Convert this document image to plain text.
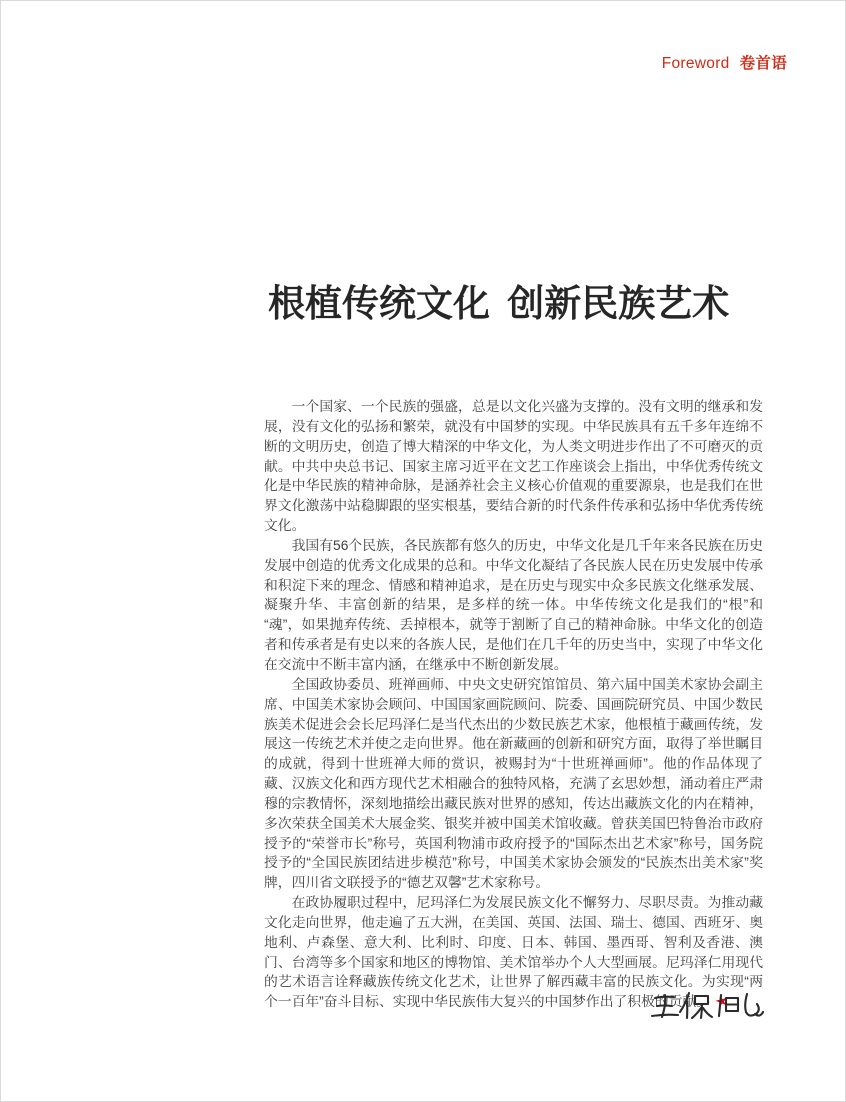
Foreword 卷首语
根植传统文化 创新民族艺术

一个国家、一个民族的强盛，总是以文化兴盛为支撑的。没有文明的继承和发展，没有文化的弘扬和繁荣，就没有中国梦的实现。中华民族具有五千多年连绵不断的文明历史，创造了博大精深的中华文化，为人类文明进步作出了不可磨灭的贡献。中共中央总书记、国家主席习近平在文艺工作座谈会上指出，中华优秀传统文化是中华民族的精神命脉，是涵养社会主义核心价值观的重要源泉，也是我们在世界文化激荡中站稳脚跟的坚实根基，要结合新的时代条件传承和弘扬中华优秀传统文化。

我国有56个民族，各民族都有悠久的历史，中华文化是几千年来各民族在历史发展中创造的优秀文化成果的总和。中华文化凝结了各民族人民在历史发展中传承和积淀下来的理念、情感和精神追求，是在历史与现实中众多民族文化继承发展、凝聚升华、丰富创新的结果，是多样的统一体。中华传统文化是我们的“根”和“魂”，如果抛弃传统、丢掉根本，就等于割断了自己的精神命脉。中华文化的创造者和传承者是有史以来的各族人民，是他们在几千年的历史当中，实现了中华文化在交流中不断丰富内涵，在继承中不断创新发展。

全国政协委员、班禅画师、中央文史研究馆馆员、第六届中国美术家协会副主席、中国美术家协会顾问、中国国家画院顾问、院委、国画院研究员、中国少数民族美术促进会会长尼玛泽仁是当代杰出的少数民族艺术家，他根植于藏画传统，发展这一传统艺术并使之走向世界。他在新藏画的创新和研究方面，取得了举世瞩目的成就，得到十世班禅大师的赏识，被赐封为“十世班禅画师”。他的作品体现了藏、汉族文化和西方现代艺术相融合的独特风格，充满了玄思妙想，涌动着庄严肃穆的宗教情怀，深刻地描绘出藏民族对世界的感知，传达出藏族文化的内在精神，多次荣获全国美术大展金奖、银奖并被中国美术馆收藏。曾获美国巴特鲁治市政府授予的“荣誉市长”称号，英国利物浦市政府授予的“国际杰出艺术家”称号，国务院授予的“全国民族团结进步模范”称号，中国美术家协会颁发的“民族杰出美术家”奖牌，四川省文联授予的“德艺双馨”艺术家称号。

在政协履职过程中，尼玛泽仁为发展民族文化不懈努力、尽职尽责。为推动藏文化走向世界，他走遍了五大洲，在美国、英国、法国、瑞士、德国、西班牙、奥地利、卢森堡、意大利、比利时、印度、日本、韩国、墨西哥、智利及香港、澳门、台湾等多个国家和地区的博物馆、美术馆举办个人大型画展。尼玛泽仁用现代的艺术语言诠释藏族传统文化艺术，让世界了解西藏丰富的民族文化。为实现“两个一百年”奋斗目标、实现中华民族伟大复兴的中国梦作出了积极的贡献。 ★
